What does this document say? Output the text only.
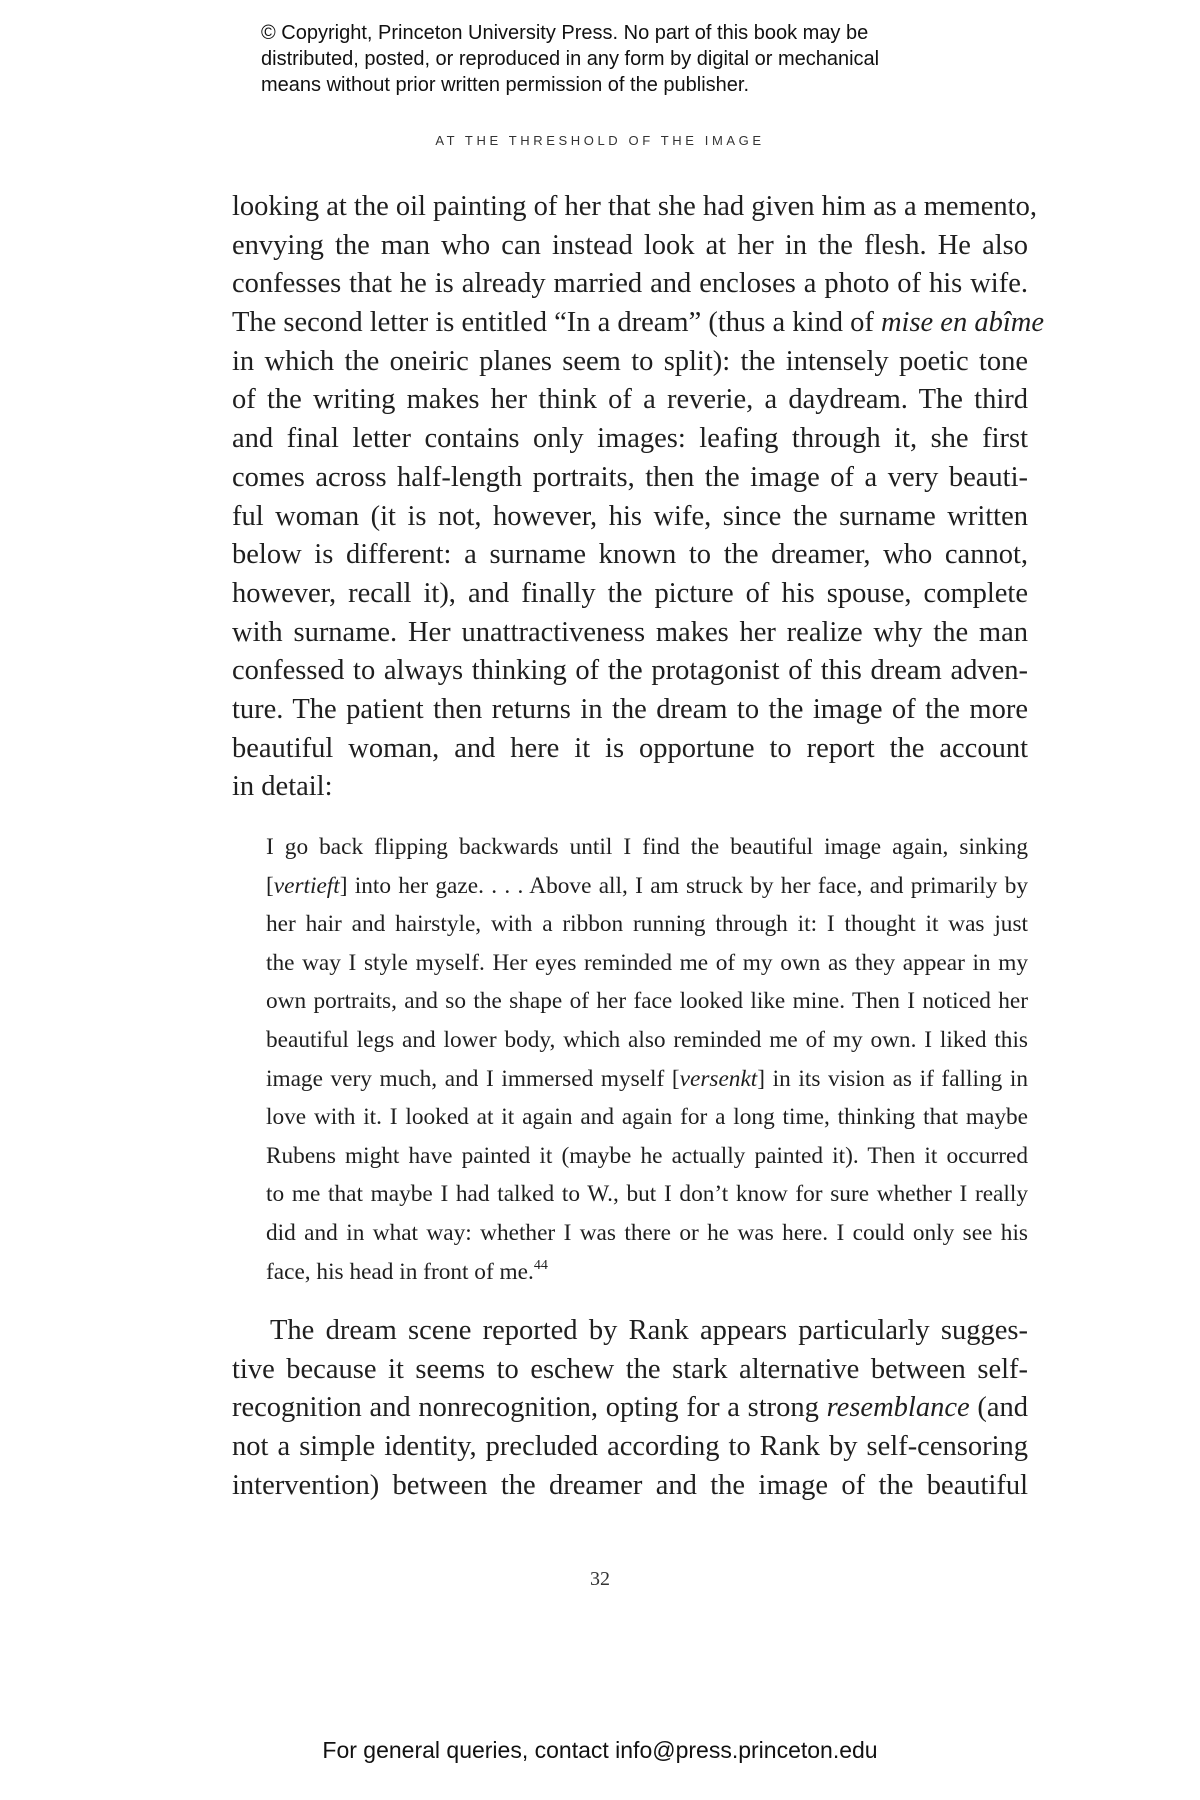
© Copyright, Princeton University Press. No part of this book may be
distributed, posted, or reproduced in any form by digital or mechanical
means without prior written permission of the publisher.
AT THE THRESHOLD OF THE IMAGE
looking at the oil painting of her that she had given him as a memento,
envying the man who can instead look at her in the flesh. He also
confesses that he is already married and encloses a photo of his wife.
The second letter is entitled “In a dream” (thus a kind of mise en abîme
in which the oneiric planes seem to split): the intensely poetic tone
of the writing makes her think of a reverie, a daydream. The third
and final letter contains only images: leafing through it, she first
comes across half-length portraits, then the image of a very beauti-
ful woman (it is not, however, his wife, since the surname written
below is different: a surname known to the dreamer, who cannot,
however, recall it), and finally the picture of his spouse, complete
with surname. Her unattractiveness makes her realize why the man
confessed to always thinking of the protagonist of this dream adven-
ture. The patient then returns in the dream to the image of the more
beautiful woman, and here it is opportune to report the account
in detail:
I go back flipping backwards until I find the beautiful image again, sinking
[vertieft] into her gaze. . . . Above all, I am struck by her face, and primarily by
her hair and hairstyle, with a ribbon running through it: I thought it was just
the way I style myself. Her eyes reminded me of my own as they appear in my
own portraits, and so the shape of her face looked like mine. Then I noticed her
beautiful legs and lower body, which also reminded me of my own. I liked this
image very much, and I immersed myself [versenkt] in its vision as if falling in
love with it. I looked at it again and again for a long time, thinking that maybe
Rubens might have painted it (maybe he actually painted it). Then it occurred
to me that maybe I had talked to W., but I don’t know for sure whether I really
did and in what way: whether I was there or he was here. I could only see his
face, his head in front of me.$^{44}$
The dream scene reported by Rank appears particularly sugges-
tive because it seems to eschew the stark alternative between self-
recognition and nonrecognition, opting for a strong resemblance (and
not a simple identity, precluded according to Rank by self-censoring
intervention) between the dreamer and the image of the beautiful
32
For general queries, contact info@press.princeton.edu
